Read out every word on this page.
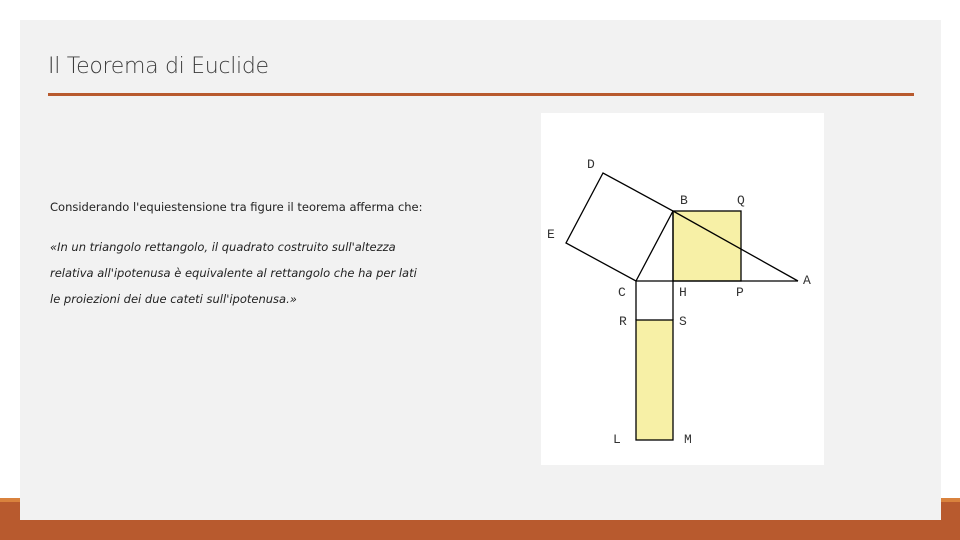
Il Teorema di Euclide
Considerando l'equiestensione tra figure il teorema afferma che:
«In un triangolo rettangolo, il quadrato costruito sull'altezza
relativa all'ipotenusa è equivalente al rettangolo che ha per lati
le proiezioni dei due cateti sull'ipotenusa.»
D
B	Q
E
A
C	H	P
R	S
L	M
